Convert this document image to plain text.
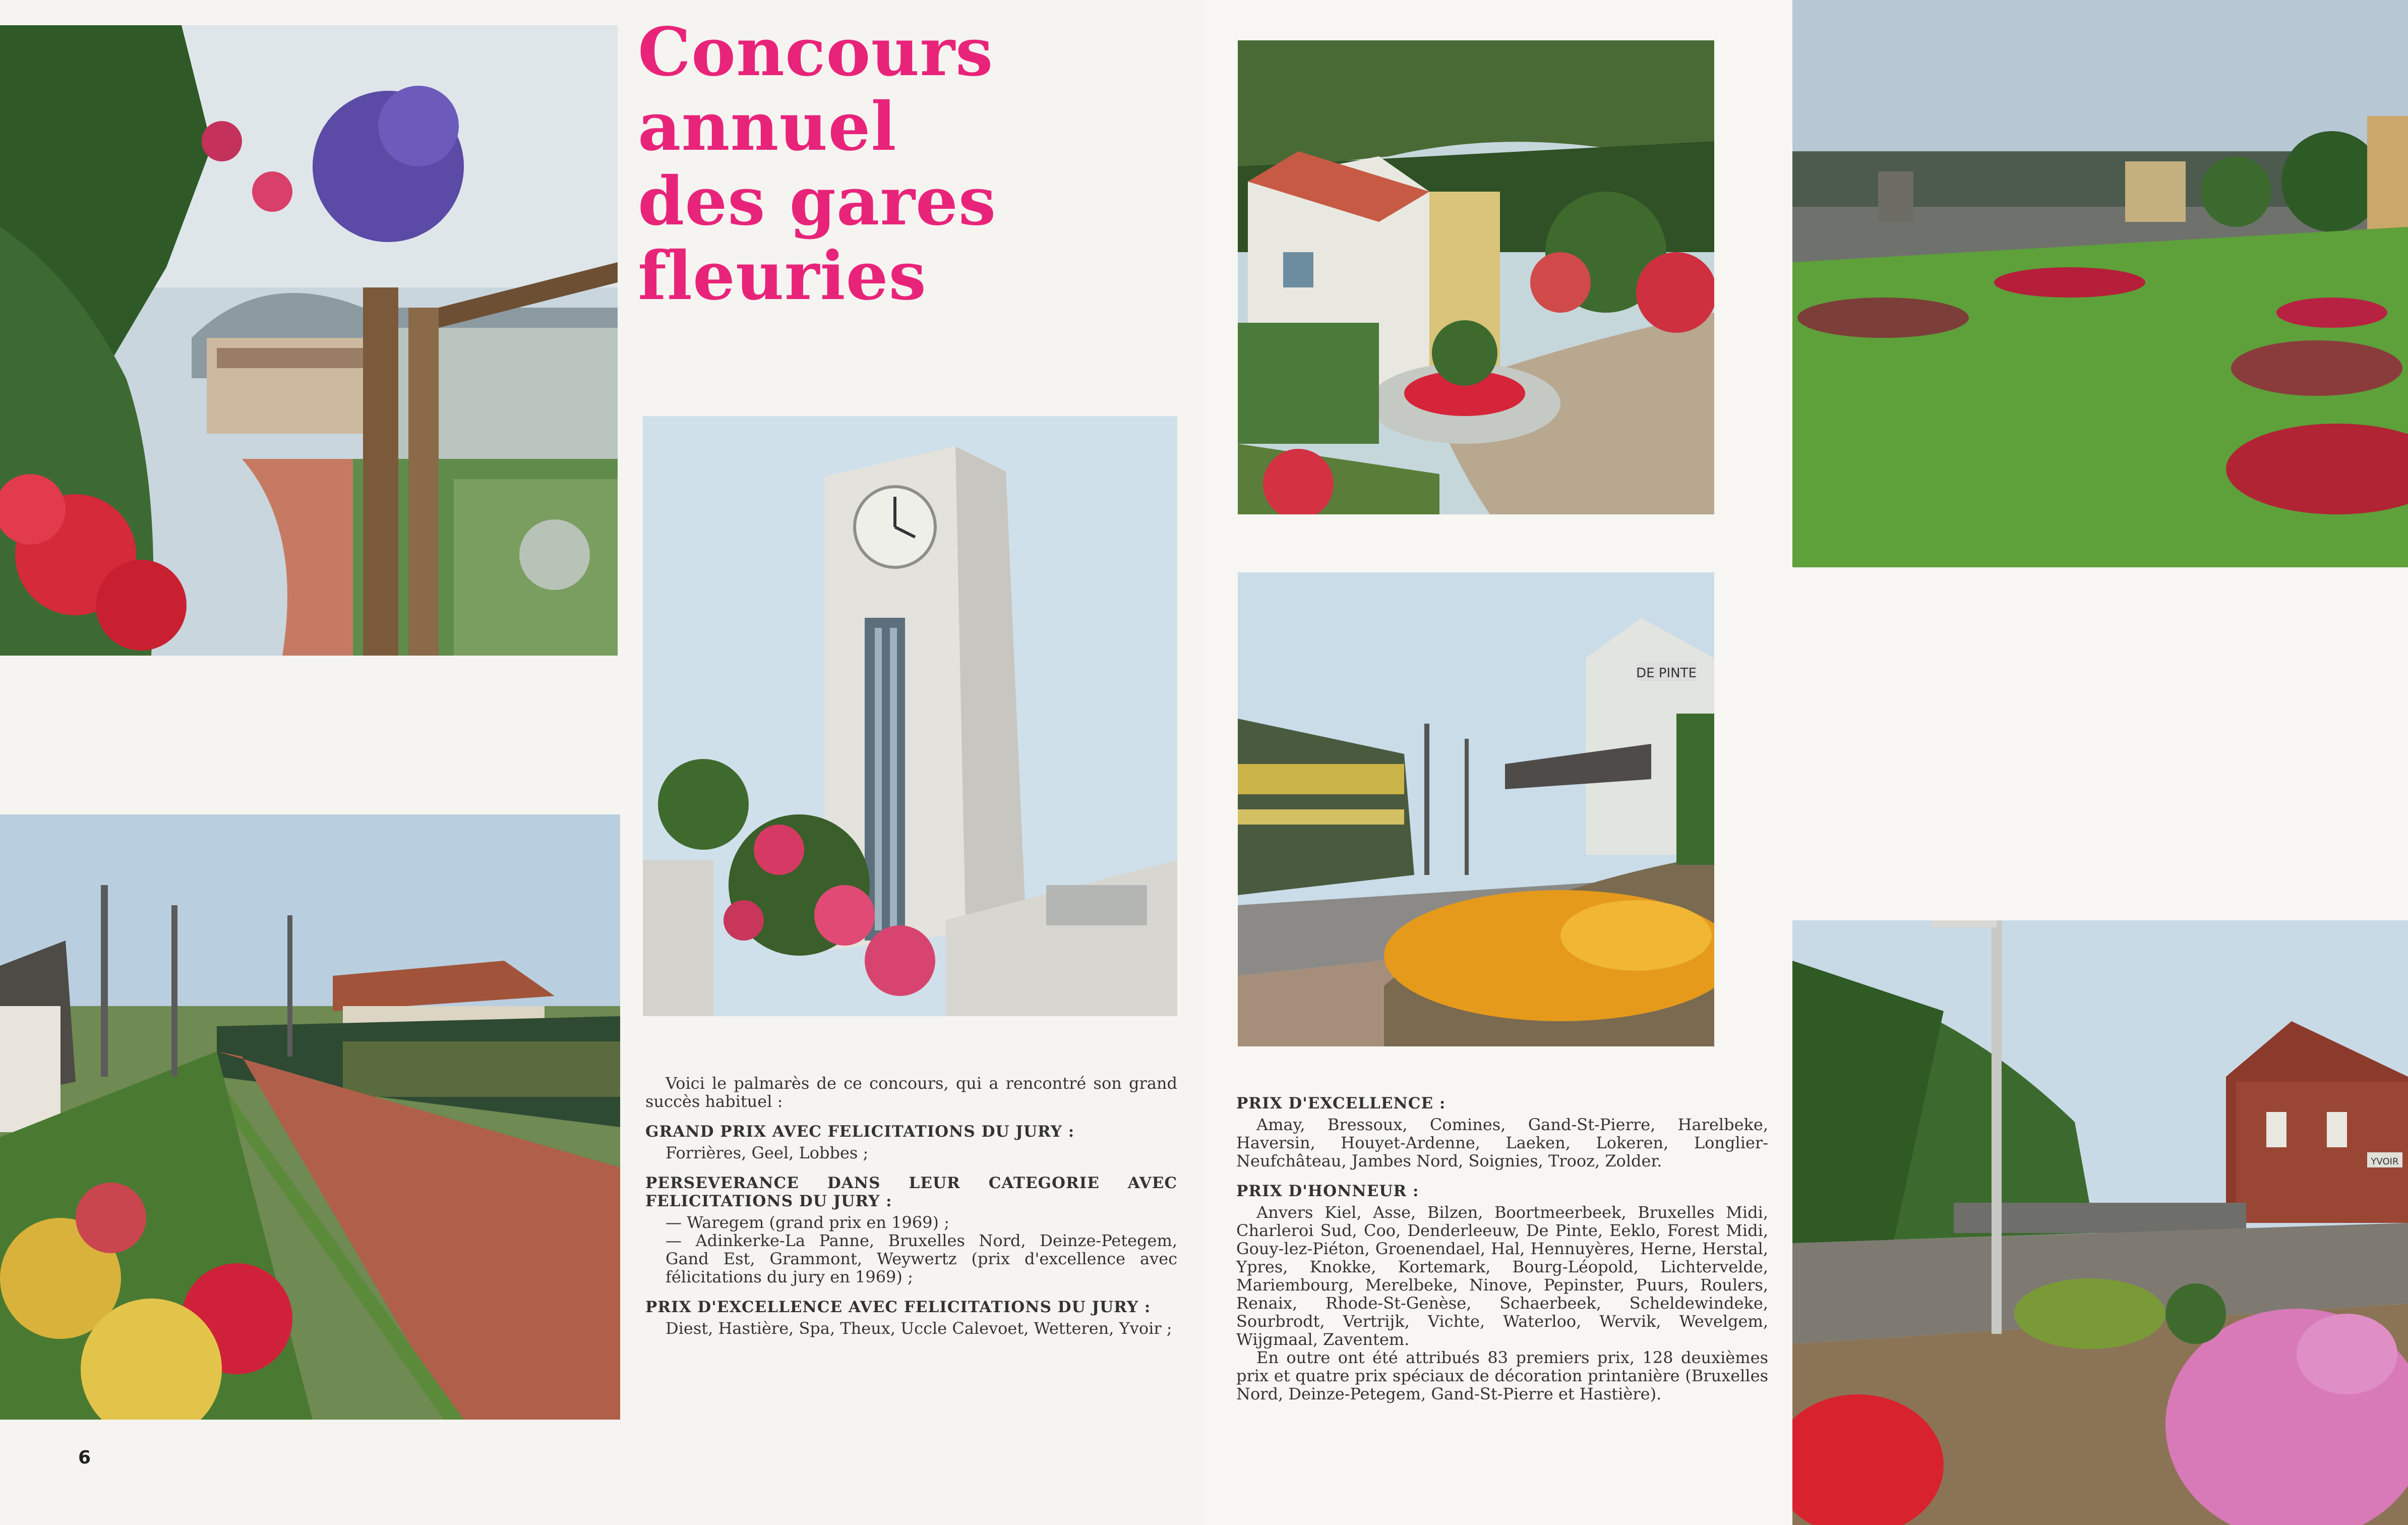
DE PINTE
YVOIR

Concours
annuel
des gares
fleuries

Voici le palmarès de ce concours, qui a rencontré son grand succès habituel :

GRAND PRIX AVEC FELICITATIONS DU JURY :

Forrières, Geel, Lobbes ;

PERSEVERANCE DANS LEUR CATEGORIE AVEC FELICITATIONS DU JURY :

— Waregem (grand prix en 1969) ;

— Adinkerke-La Panne, Bruxelles Nord, Deinze-Petegem, Gand Est, Grammont, Weywertz (prix d'excellence avec félicitations du jury en 1969) ;

PRIX D'EXCELLENCE AVEC FELICITATIONS DU JURY :

Diest, Hastière, Spa, Theux, Uccle Calevoet, Wetteren, Yvoir ;

PRIX D'EXCELLENCE :

Amay, Bressoux, Comines, Gand-St-Pierre, Harelbeke, Haversin, Houyet-Ardenne, Laeken, Lokeren, Longlier-Neufchâteau, Jambes Nord, Soignies, Trooz, Zolder.

PRIX D'HONNEUR :

Anvers Kiel, Asse, Bilzen, Boortmeerbeek, Bruxelles Midi, Charleroi Sud, Coo, Denderleeuw, De Pinte, Eeklo, Forest Midi, Gouy-lez-Piéton, Groenendael, Hal, Hennuyères, Herne, Herstal, Ypres, Knokke, Kortemark, Bourg-Léopold, Lichtervelde, Mariembourg, Merelbeke, Ninove, Pepinster, Puurs, Roulers, Renaix, Rhode-St-Genèse, Schaerbeek, Scheldewindeke, Sourbrodt, Vertrijk, Vichte, Waterloo, Wervik, Wevelgem, Wijgmaal, Zaventem.

En outre ont été attribués 83 premiers prix, 128 deuxièmes prix et quatre prix spéciaux de décoration printanière (Bruxelles Nord, Deinze-Petegem, Gand-St-Pierre et Hastière).

6
